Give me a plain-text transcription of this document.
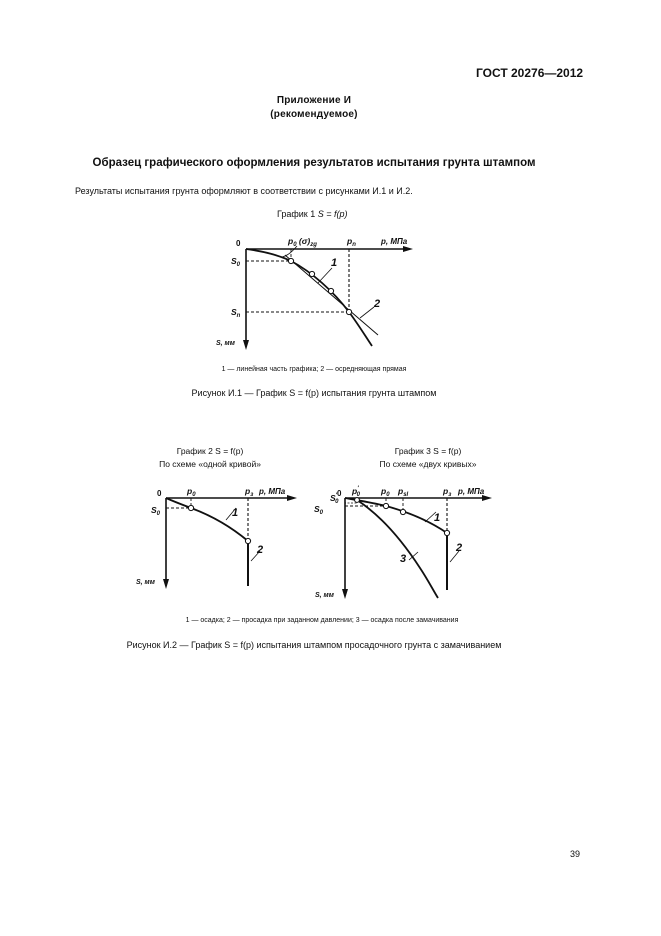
ГОСТ 20276—2012
Приложение И
(рекомендуемое)
Образец графического оформления результатов испытания грунта штампом
Результаты испытания грунта оформляют в соответствии с рисунками И.1 и И.2.
График 1 S = f(p)
0	$p_0$ $(\sigma)_{zg}$	$p_n$	p, МПа
$S_0$
$S_n$
S, мм
1
2
1 — линейная часть графика; 2 — осредняющая прямая
Рисунок И.1 — График S = f(p) испытания грунта штампом
График 2 S = f(p)
По схеме «одной кривой»
График 3 S = f(p)
По схеме «двух кривых»
0	$p_0$	$p_з$ p, МПа
$S_0$
S, мм
1
2
0 p' 0 $p_0$ $p_{sl}$	$p_з$ p, МПа
S' 0
$S_0$
S, мм
1
2
3
1 — осадка; 2 — просадка при заданном давлении; 3 — осадка после замачивания
Рисунок И.2 — График S = f(p) испытания штампом просадочного грунта с замачиванием
39
